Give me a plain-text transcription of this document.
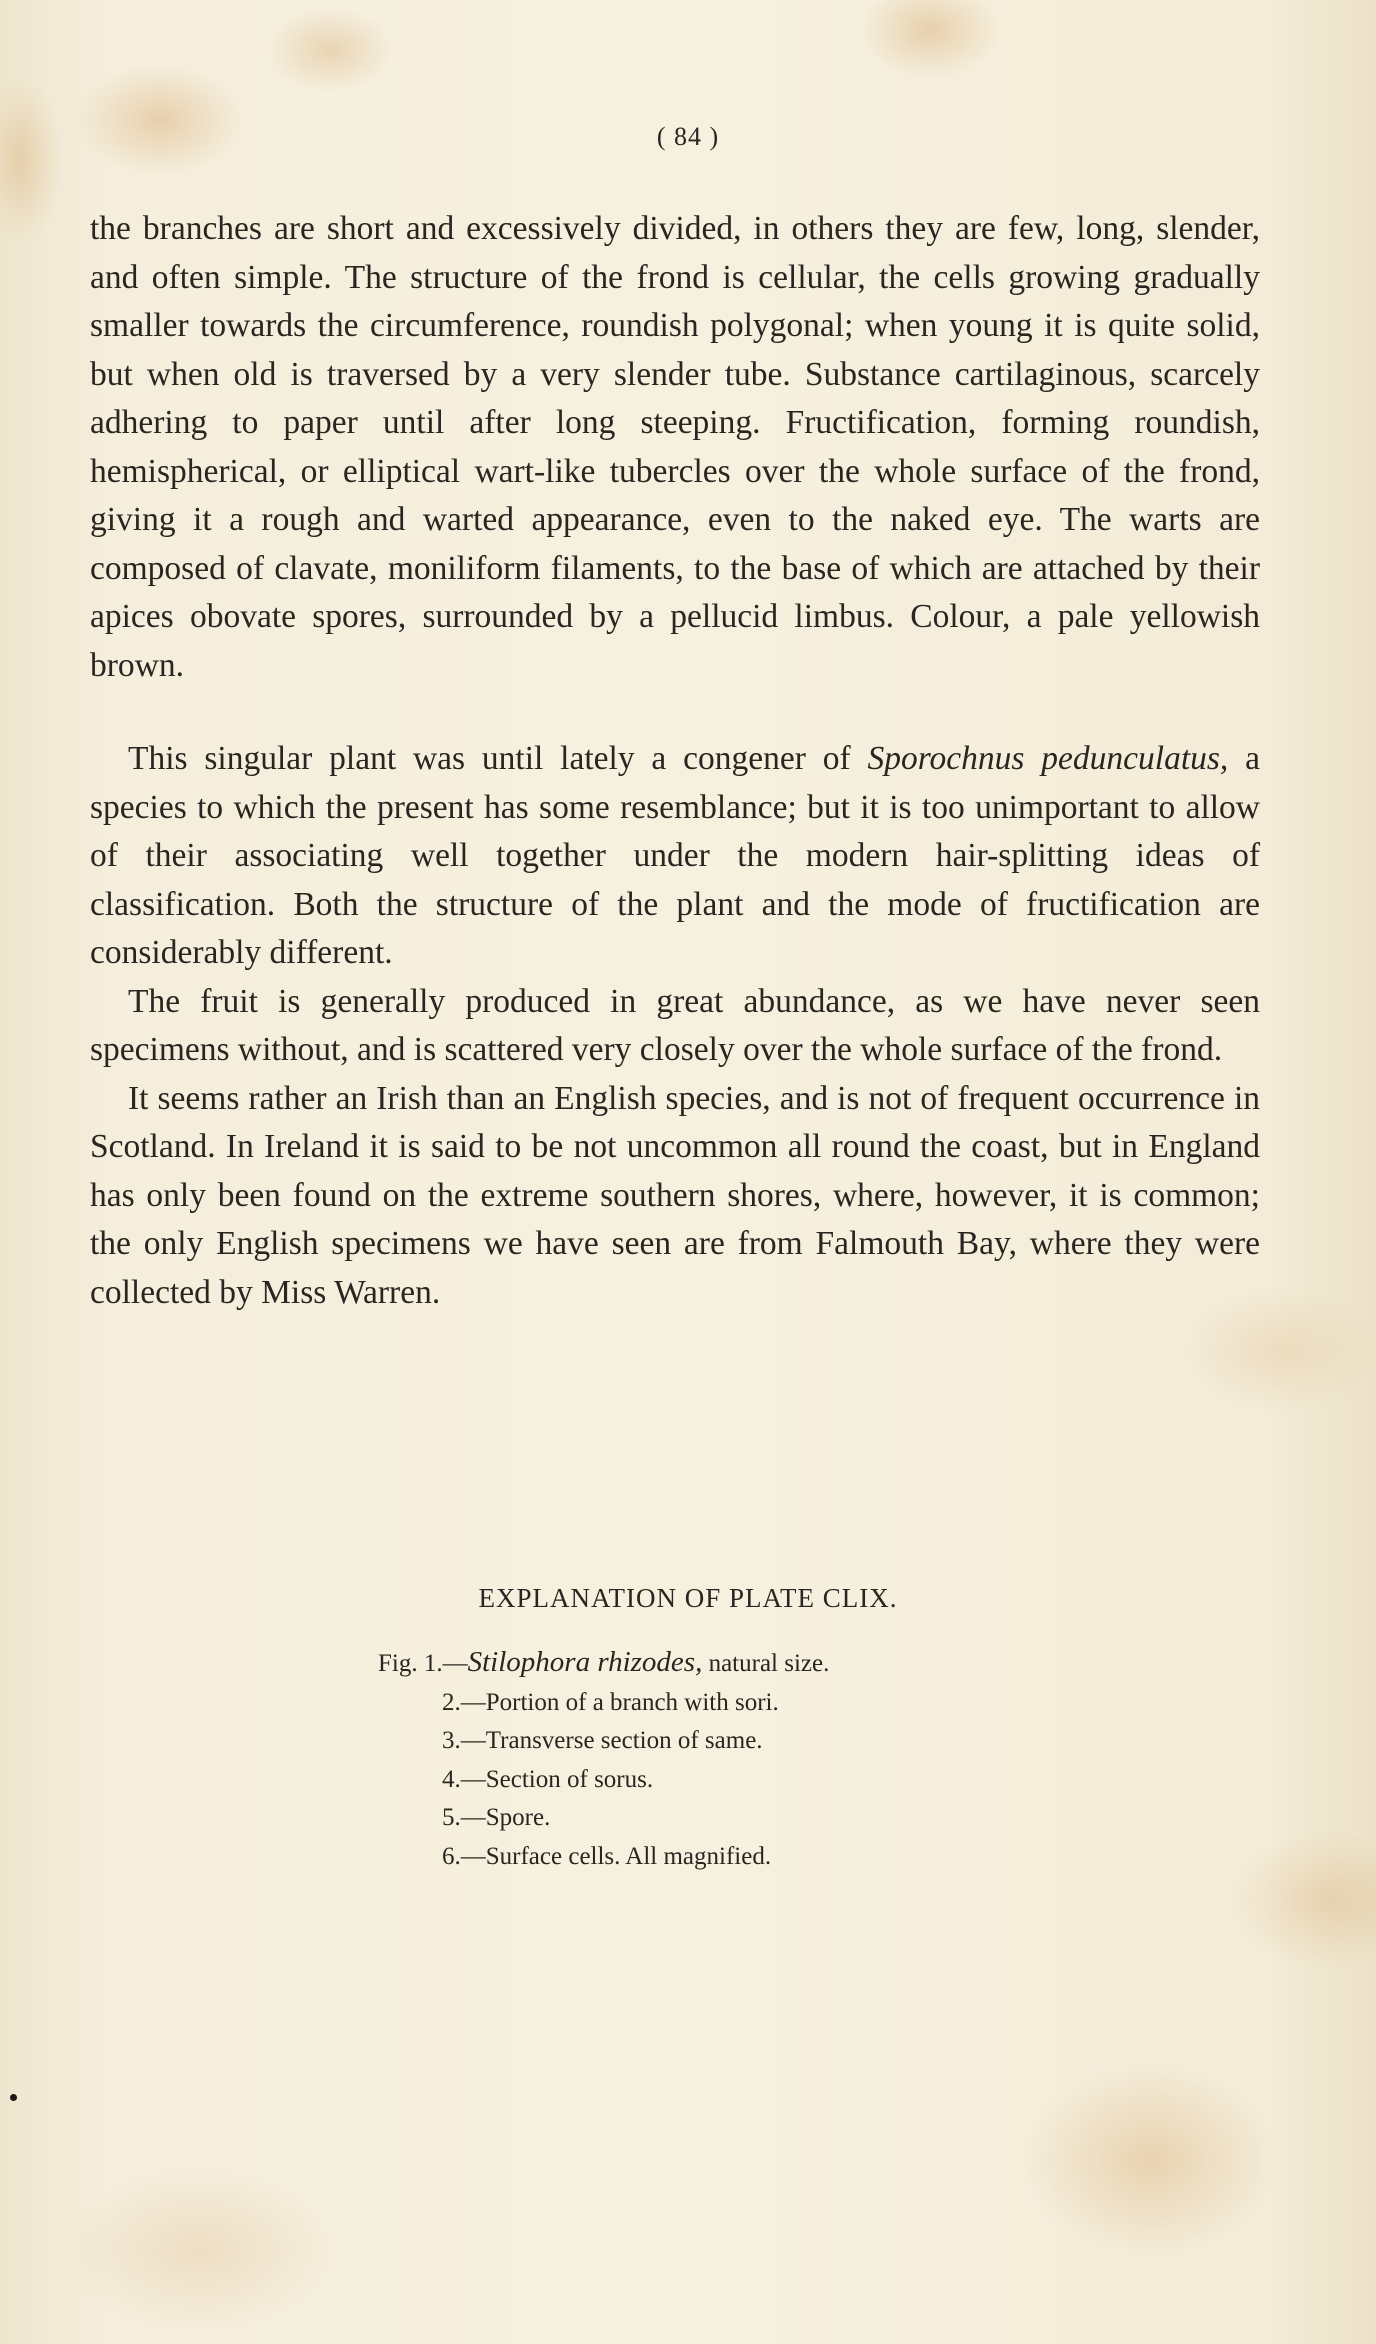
( 84 )

the branches are short and excessively divided, in others they are few, long, slender, and often simple. The structure of the frond is cellular, the cells growing gradually smaller towards the circumference, roundish polygonal; when young it is quite solid, but when old is traversed by a very slender tube. Substance cartilaginous, scarcely adhering to paper until after long steeping. Fructification, forming roundish, hemispherical, or elliptical wart-like tubercles over the whole surface of the frond, giving it a rough and warted appearance, even to the naked eye. The warts are composed of clavate, moniliform filaments, to the base of which are attached by their apices obovate spores, surrounded by a pellucid limbus. Colour, a pale yellowish brown.

This singular plant was until lately a congener of Sporochnus pedunculatus, a species to which the present has some resemblance; but it is too unimportant to allow of their associating well together under the modern hair-splitting ideas of classification. Both the structure of the plant and the mode of fructification are considerably different.

The fruit is generally produced in great abundance, as we have never seen specimens without, and is scattered very closely over the whole surface of the frond.

It seems rather an Irish than an English species, and is not of frequent occurrence in Scotland. In Ireland it is said to be not uncommon all round the coast, but in England has only been found on the extreme southern shores, where, however, it is common; the only English specimens we have seen are from Falmouth Bay, where they were collected by Miss Warren.

EXPLANATION OF PLATE CLIX.
Fig. 1.—Stilophora rhizodes, natural size.
2.—Portion of a branch with sori.
3.—Transverse section of same.
4.—Section of sorus.
5.—Spore.
6.—Surface cells. All magnified.
